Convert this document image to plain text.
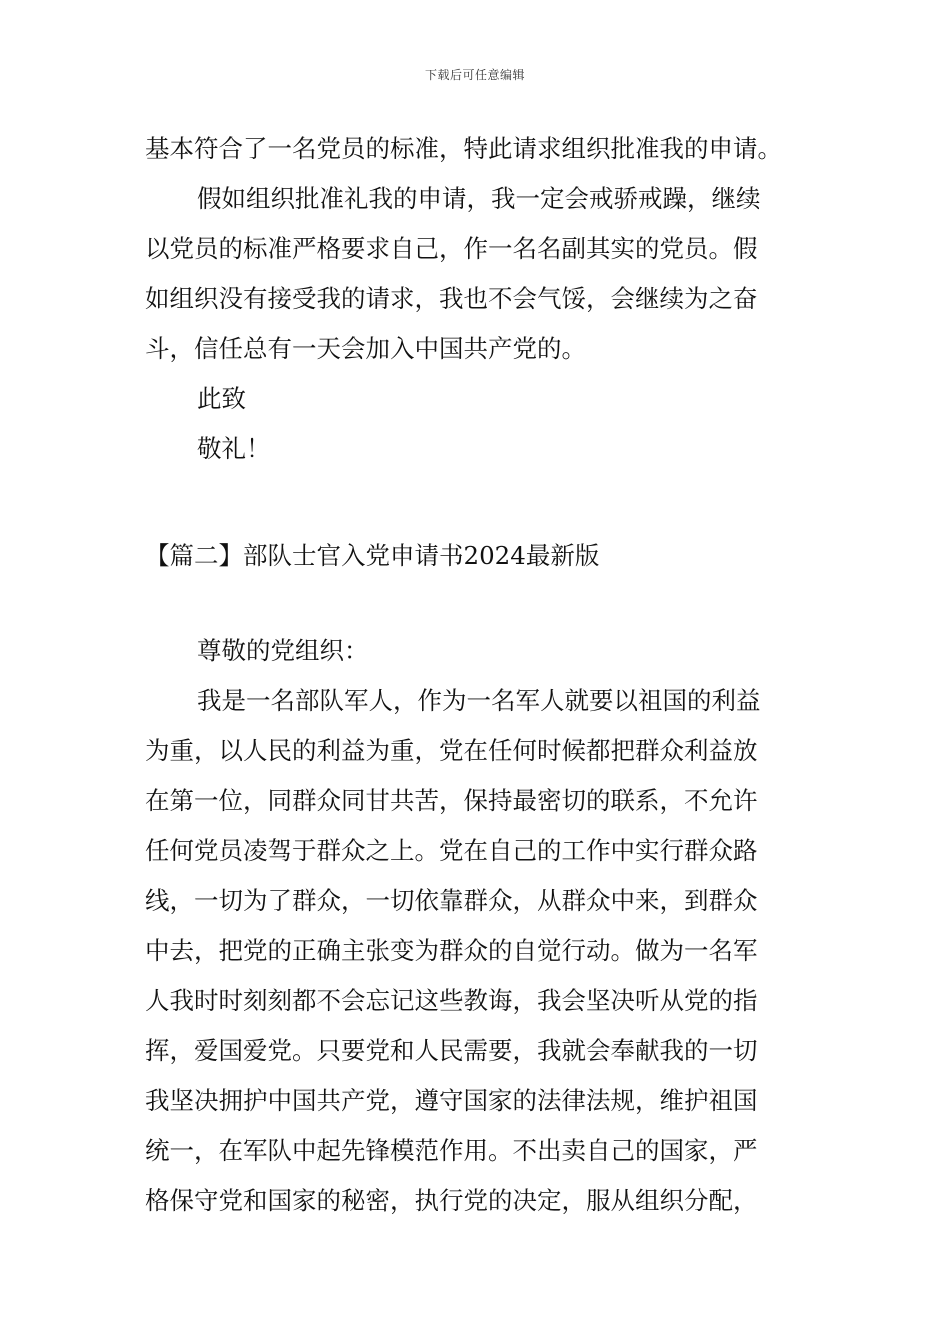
下载后可任意编辑
基本符合了一名党员的标准，特此请求组织批准我的申请。
假如组织批准礼我的申请，我一定会戒骄戒躁，继续
以党员的标准严格要求自己，作一名名副其实的党员。假
如组织没有接受我的请求，我也不会气馁，会继续为之奋
斗，信任总有一天会加入中国共产党的。
此致
敬礼！
【篇二】部队士官入党申请书2024最新版
尊敬的党组织：
我是一名部队军人，作为一名军人就要以祖国的利益
为重，以人民的利益为重，党在任何时候都把群众利益放
在第一位，同群众同甘共苦，保持最密切的联系，不允许
任何党员凌驾于群众之上。党在自己的工作中实行群众路
线，一切为了群众，一切依靠群众，从群众中来，到群众
中去，把党的正确主张变为群众的自觉行动。做为一名军
人我时时刻刻都不会忘记这些教诲，我会坚决听从党的指
挥，爱国爱党。只要党和人民需要，我就会奉献我的一切
我坚决拥护中国共产党，遵守国家的法律法规，维护祖国
统一，在军队中起先锋模范作用。不出卖自己的国家，严
格保守党和国家的秘密，执行党的决定，服从组织分配，
